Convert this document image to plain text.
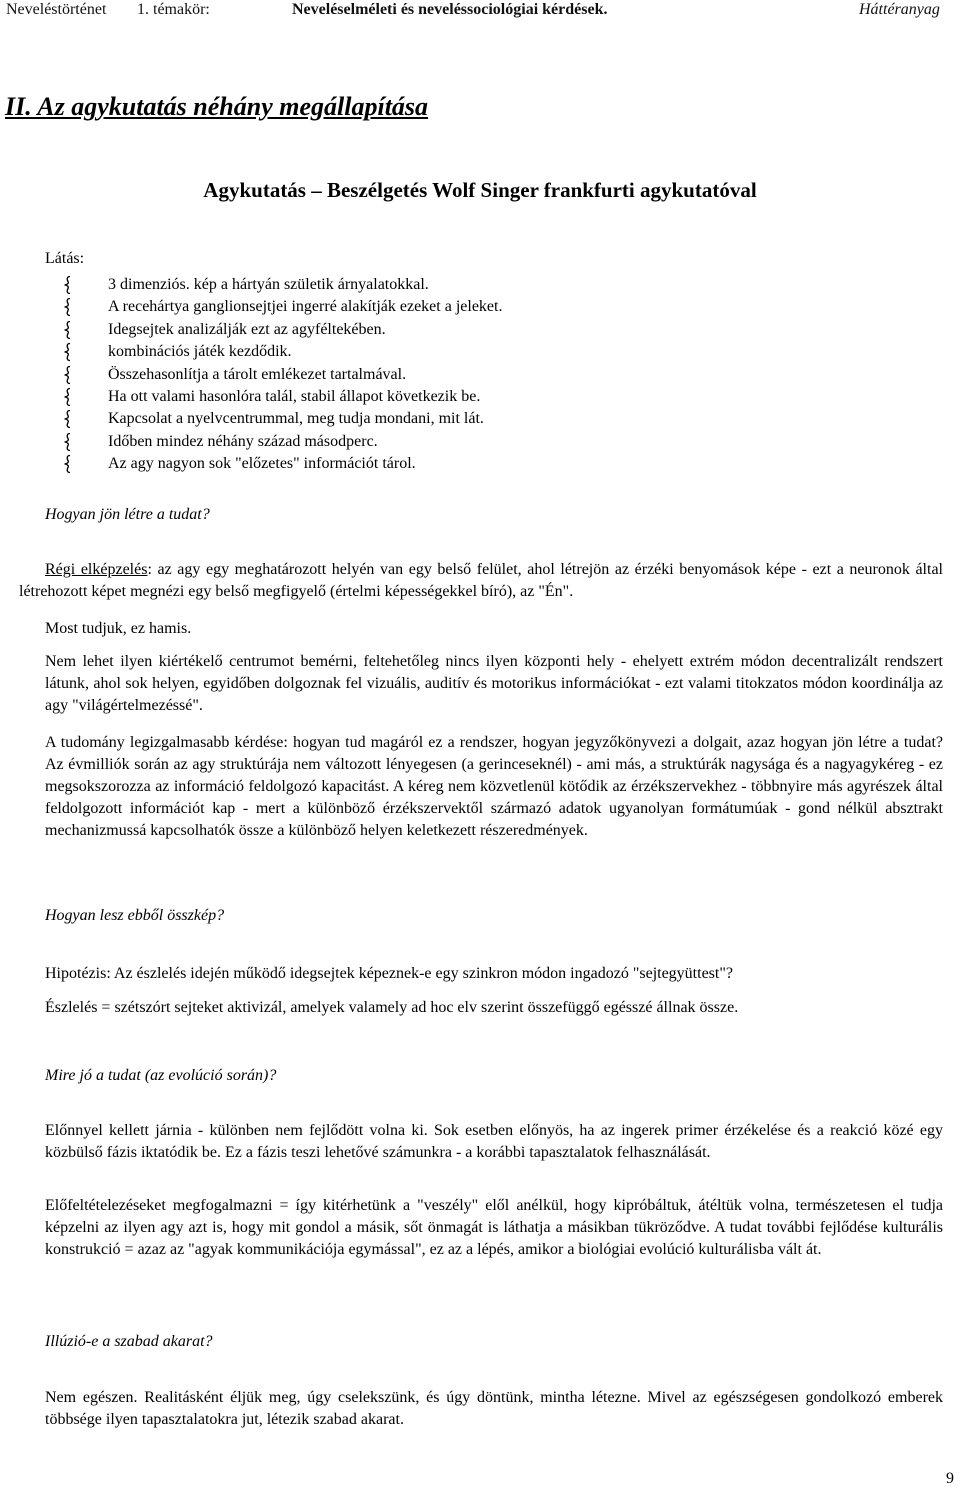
Neveléstörténet 1. témakör:	Neveléselméleti és neveléssociológiai kérdések.	Háttéranyag
II. Az agykutatás néhány megállapítása
Agykutatás – Beszélgetés Wolf Singer frankfurti agykutatóval
Látás:
3 dimenziós. kép a hártyán születik árnyalatokkal.
A recehártya ganglionsejtjei ingerré alakítják ezeket a jeleket.
Idegsejtek analizálják ezt az agyféltekében.
kombinációs játék kezdődik.
Összehasonlítja a tárolt emlékezet tartalmával.
Ha ott valami hasonlóra talál, stabil állapot következik be.
Kapcsolat a nyelvcentrummal, meg tudja mondani, mit lát.
Időben mindez néhány század másodperc.
Az agy nagyon sok "előzetes" információt tárol.
Hogyan jön létre a tudat?

Régi elképzelés: az agy egy meghatározott helyén van egy belső felület, ahol létrejön az érzéki benyomások képe - ezt a neuronok által létrehozott képet megnézi egy belső megfigyelő (értelmi képességekkel bíró), az "Én".

Most tudjuk, ez hamis.

Nem lehet ilyen kiértékelő centrumot bemérni, feltehetőleg nincs ilyen központi hely - ehelyett extrém módon decentralizált rendszert látunk, ahol sok helyen, egyidőben dolgoznak fel vizuális, auditív és motorikus információkat - ezt valami titokzatos módon koordinálja az agy "világértelmezéssé".

A tudomány legizgalmasabb kérdése: hogyan tud magáról ez a rendszer, hogyan jegyzőkönyvezi a dolgait, azaz hogyan jön létre a tudat? Az évmilliók során az agy struktúrája nem változott lényegesen (a gerinceseknél) - ami más, a struktúrák nagysága és a nagyagykéreg - ez megsokszorozza az információ feldolgozó kapacitást. A kéreg nem közvetlenül kötődik az érzékszervekhez - többnyire más agyrészek által feldolgozott információt kap - mert a különböző érzékszervektől származó adatok ugyanolyan formátumúak - gond nélkül absztrakt mechanizmussá kapcsolhatók össze a különböző helyen keletkezett részeredmények.

Hogyan lesz ebből összkép?

Hipotézis: Az észlelés idején működő idegsejtek képeznek-e egy szinkron módon ingadozó "sejtegyüttest"?

Észlelés = szétszórt sejteket aktivizál, amelyek valamely ad hoc elv szerint összefüggő egésszé állnak össze.

Mire jó a tudat (az evolúció során)?

Előnnyel kellett járnia - különben nem fejlődött volna ki. Sok esetben előnyös, ha az ingerek primer érzékelése és a reakció közé egy közbülső fázis iktatódik be. Ez a fázis teszi lehetővé számunkra - a korábbi tapasztalatok felhasználását.

Előfeltételezéseket megfogalmazni = így kitérhetünk a "veszély" elől anélkül, hogy kipróbáltuk, átéltük volna, természetesen el tudja képzelni az ilyen agy azt is, hogy mit gondol a másik, sőt önmagát is láthatja a másikban tükröződve. A tudat további fejlődése kulturális konstrukció = azaz az "agyak kommunikációja egymással", ez az a lépés, amikor a biológiai evolúció kulturálisba vált át.

Illúzió-e a szabad akarat?

Nem egészen. Realitásként éljük meg, úgy cselekszünk, és úgy döntünk, mintha létezne. Mivel az egészségesen gondolkozó emberek többsége ilyen tapasztalatokra jut, létezik szabad akarat.

9
